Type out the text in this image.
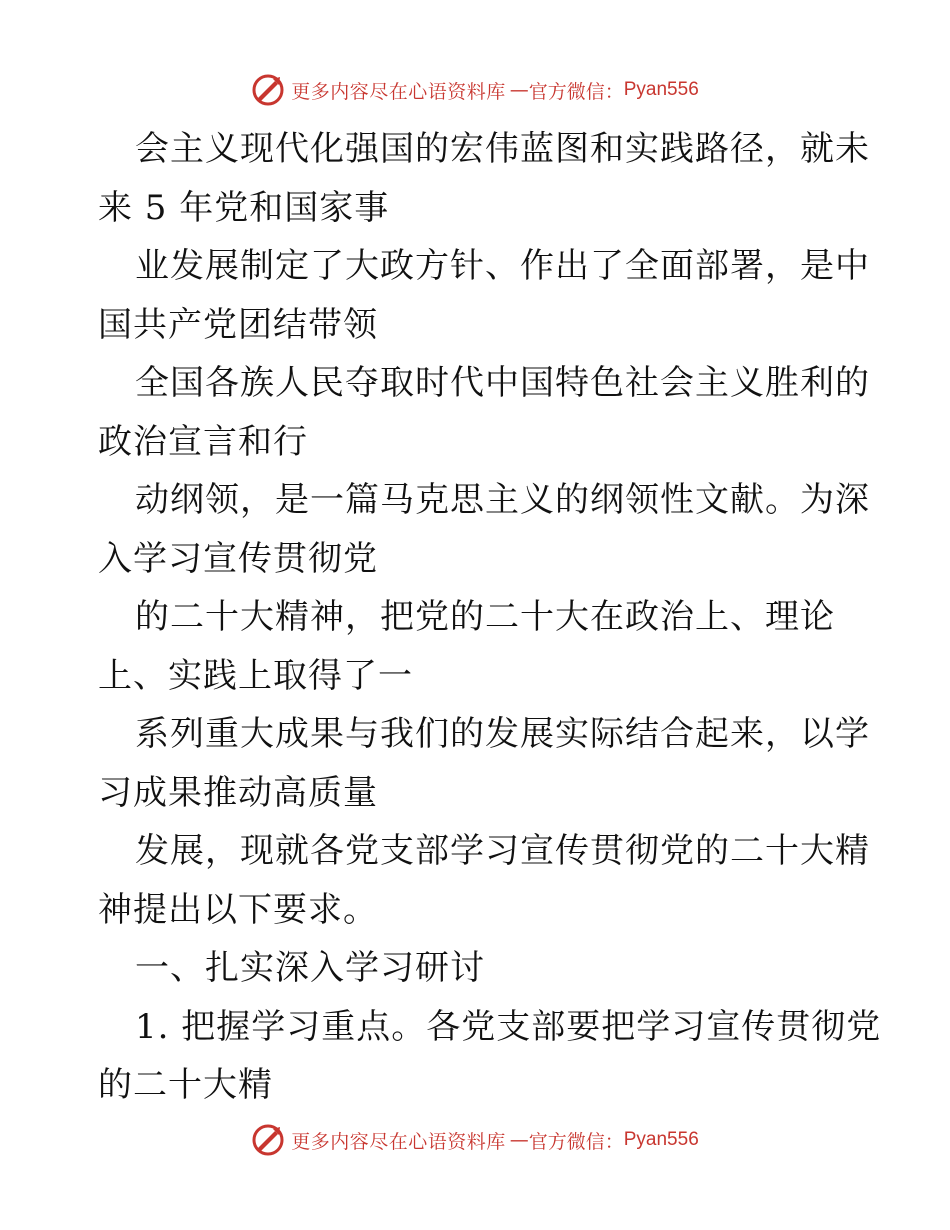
更多内容尽在心语资料库 — 官方微信： Pyan556
会主义现代化强国的宏伟蓝图和实践路径，就未
来 5 年党和国家事
业发展制定了大政方针、作出了全面部署，是中
国共产党团结带领
全国各族人民夺取时代中国特色社会主义胜利的
政治宣言和行
动纲领，是一篇马克思主义的纲领性文献。为深
入学习宣传贯彻党
的二十大精神，把党的二十大在政治上、理论
上、实践上取得了一
系列重大成果与我们的发展实际结合起来，以学
习成果推动高质量
发展，现就各党支部学习宣传贯彻党的二十大精
神提出以下要求。
一、扎实深入学习研讨
1. 把握学习重点。各党支部要把学习宣传贯彻党
的二十大精
更多内容尽在心语资料库 — 官方微信： Pyan556
